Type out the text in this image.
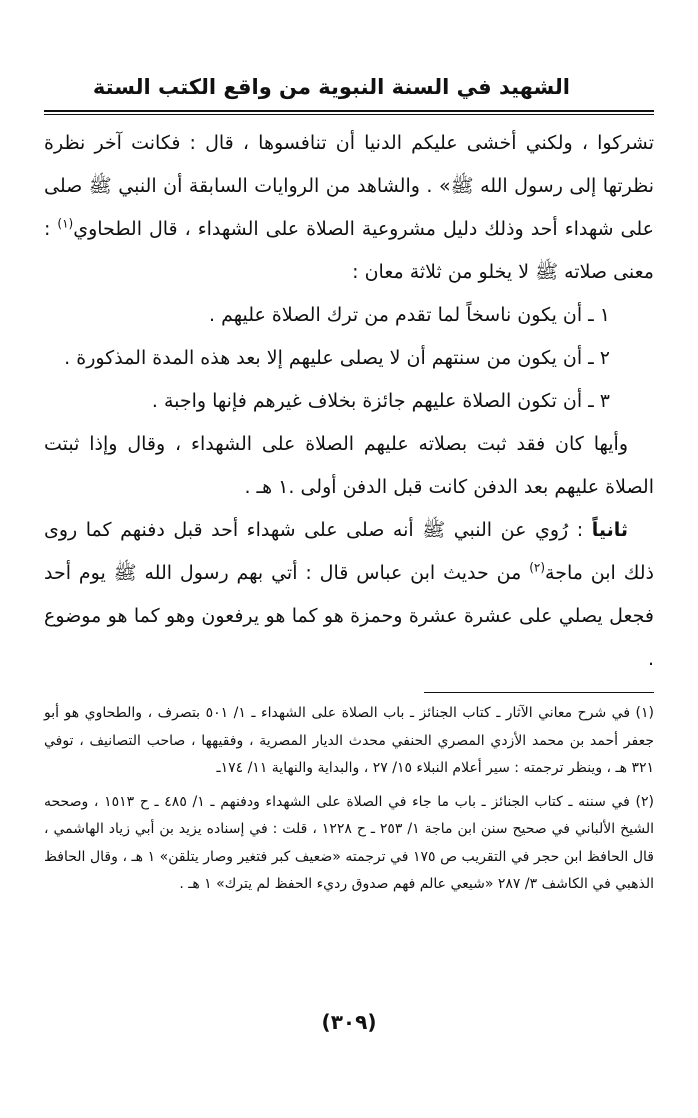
الشهيد في السنة النبوية من واقع الكتب الستة

تشركوا ، ولكني أخشى عليكم الدنيا أن تنافسوها ، قال : فكانت آخر نظرة نظرتها إلى رسول الله ﷺ» . والشاهد من الروايات السابقة أن النبي ﷺ صلى على شهداء أحد وذلك دليل مشروعية الصلاة على الشهداء ، قال الطحاوي$^{(١)}$ : معنى صلاته ﷺ لا يخلو من ثلاثة معان :

١ ـ أن يكون ناسخاً لما تقدم من ترك الصلاة عليهم .

٢ ـ أن يكون من سنتهم أن لا يصلى عليهم إلا بعد هذه المدة المذكورة .

٣ ـ أن تكون الصلاة عليهم جائزة بخلاف غيرهم فإنها واجبة .

وأيها كان فقد ثبت بصلاته عليهم الصلاة على الشهداء ، وقال وإذا ثبتت الصلاة عليهم بعد الدفن كانت قبل الدفن أولى .١ هـ .

ثانياً : رُوي عن النبي ﷺ أنه صلى على شهداء أحد قبل دفنهم كما روى ذلك ابن ماجة$^{(٢)}$ من حديث ابن عباس قال : أتي بهم رسول الله ﷺ يوم أحد فجعل يصلي على عشرة عشرة وحمزة هو كما هو يرفعون وهو كما هو موضوع .

(١) في شرح معاني الآثار ـ كتاب الجنائز ـ باب الصلاة على الشهداء ـ ١/ ٥٠١ بتصرف ، والطحاوي هو أبو جعفر أحمد بن محمد الأزدي المصري الحنفي محدث الديار المصرية ، وفقيهها ، صاحب التصانيف ، توفي ٣٢١ هـ ، وينظر ترجمته : سير أعلام النبلاء ١٥/ ٢٧ ، والبداية والنهاية ١١/ ١٧٤ـ

(٢) في سننه ـ كتاب الجنائز ـ باب ما جاء في الصلاة على الشهداء ودفنهم ـ ١/ ٤٨٥ ـ ح ١٥١٣ ، وصححه الشيخ الألباني في صحيح سنن ابن ماجة ١/ ٢٥٣ ـ ح ١٢٢٨ ، قلت : في إسناده يزيد بن أبي زياد الهاشمي ، قال الحافظ ابن حجر في التقريب ص ١٧٥ في ترجمته «ضعيف كبر فتغير وصار يتلقن» ١ هـ ، وقال الحافظ الذهبي في الكاشف ٣/ ٢٨٧ «شيعي عالم فهم صدوق رديء الحفظ لم يترك» ١ هـ .

(٣٠٩)
